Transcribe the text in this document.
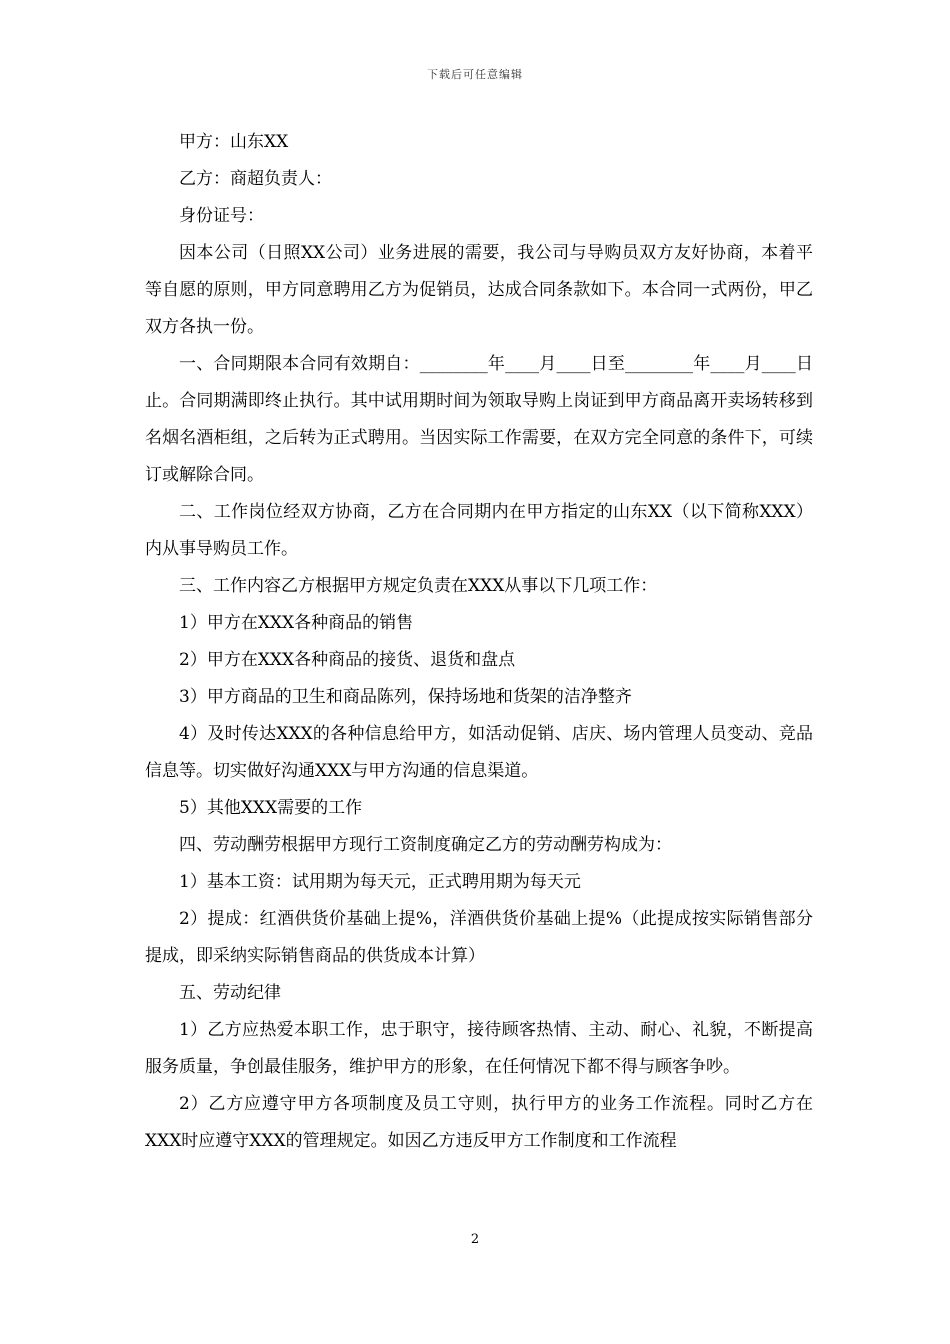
下载后可任意编辑

甲方：山东XX

乙方：商超负责人：

身份证号：

因本公司（日照XX公司）业务进展的需要，我公司与导购员双方友好协商，本着平等自愿的原则，甲方同意聘用乙方为促销员，达成合同条款如下。本合同一式两份，甲乙双方各执一份。

一、合同期限本合同有效期自：________年____月____日至________年____月____日止。合同期满即终止执行。其中试用期时间为领取导购上岗证到甲方商品离开卖场转移到名烟名酒柜组，之后转为正式聘用。当因实际工作需要，在双方完全同意的条件下，可续订或解除合同。

二、工作岗位经双方协商，乙方在合同期内在甲方指定的山东XX（以下简称XXX）内从事导购员工作。

三、工作内容乙方根据甲方规定负责在XXX从事以下几项工作：

1）甲方在XXX各种商品的销售

2）甲方在XXX各种商品的接货、退货和盘点

3）甲方商品的卫生和商品陈列，保持场地和货架的洁净整齐

4）及时传达XXX的各种信息给甲方，如活动促销、店庆、场内管理人员变动、竞品信息等。切实做好沟通XXX与甲方沟通的信息渠道。

5）其他XXX需要的工作

四、劳动酬劳根据甲方现行工资制度确定乙方的劳动酬劳构成为：

1）基本工资：试用期为每天元，正式聘用期为每天元

2）提成：红酒供货价基础上提%，洋酒供货价基础上提%（此提成按实际销售部分提成，即采纳实际销售商品的供货成本计算）

五、劳动纪律

1）乙方应热爱本职工作，忠于职守，接待顾客热情、主动、耐心、礼貌，不断提高服务质量，争创最佳服务，维护甲方的形象，在任何情况下都不得与顾客争吵。

2）乙方应遵守甲方各项制度及员工守则，执行甲方的业务工作流程。同时乙方在XXX时应遵守XXX的管理规定。如因乙方违反甲方工作制度和工作流程

2
